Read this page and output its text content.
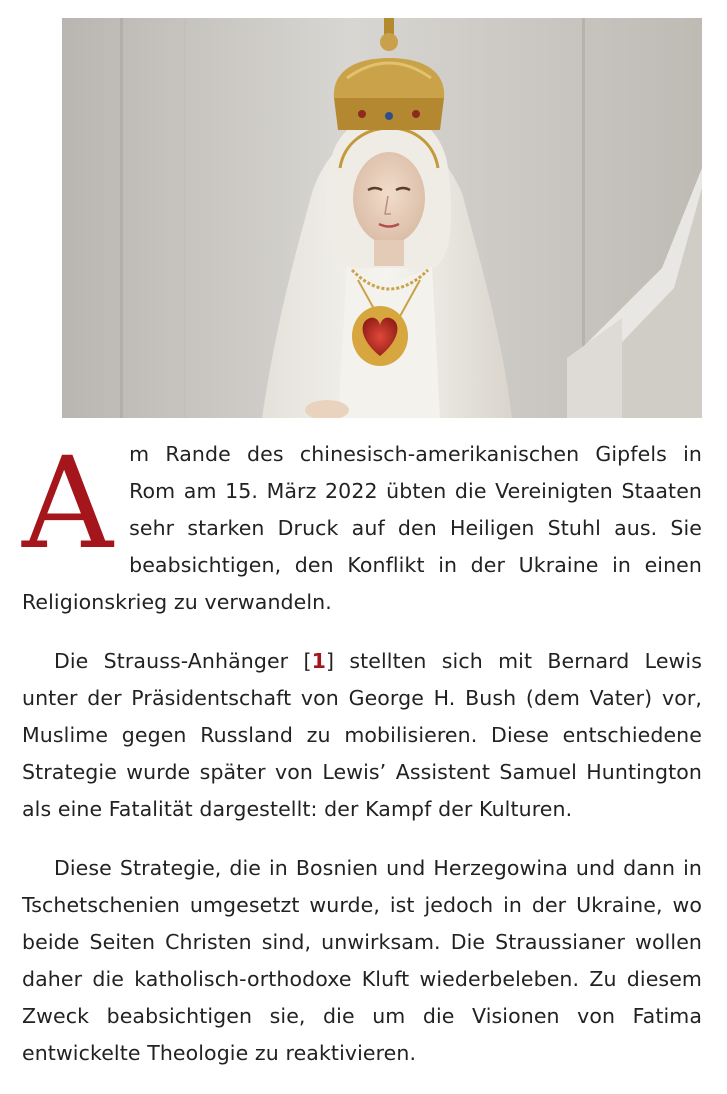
Am Rande des chinesisch-amerikanischen Gipfels in Rom am 15. März 2022 übten die Vereinigten Staaten sehr starken Druck auf den Heiligen Stuhl aus. Sie beabsichtigen, den Konflikt in der Ukraine in einen Religionskrieg zu verwandeln.

Die Strauss-Anhänger [1] stellten sich mit Bernard Lewis unter der Präsidentschaft von George H. Bush (dem Vater) vor, Muslime gegen Russland zu mobilisieren. Diese entschiedene Strategie wurde später von Lewis’ Assistent Samuel Huntington als eine Fatalität dargestellt: der Kampf der Kulturen.

Diese Strategie, die in Bosnien und Herzegowina und dann in Tschetschenien umgesetzt wurde, ist jedoch in der Ukraine, wo beide Seiten Christen sind, unwirksam. Die Straussianer wollen daher die katholisch-orthodoxe Kluft wiederbeleben. Zu diesem Zweck beabsichtigen sie, die um die Visionen von Fatima entwickelte Theologie zu reaktivieren.
